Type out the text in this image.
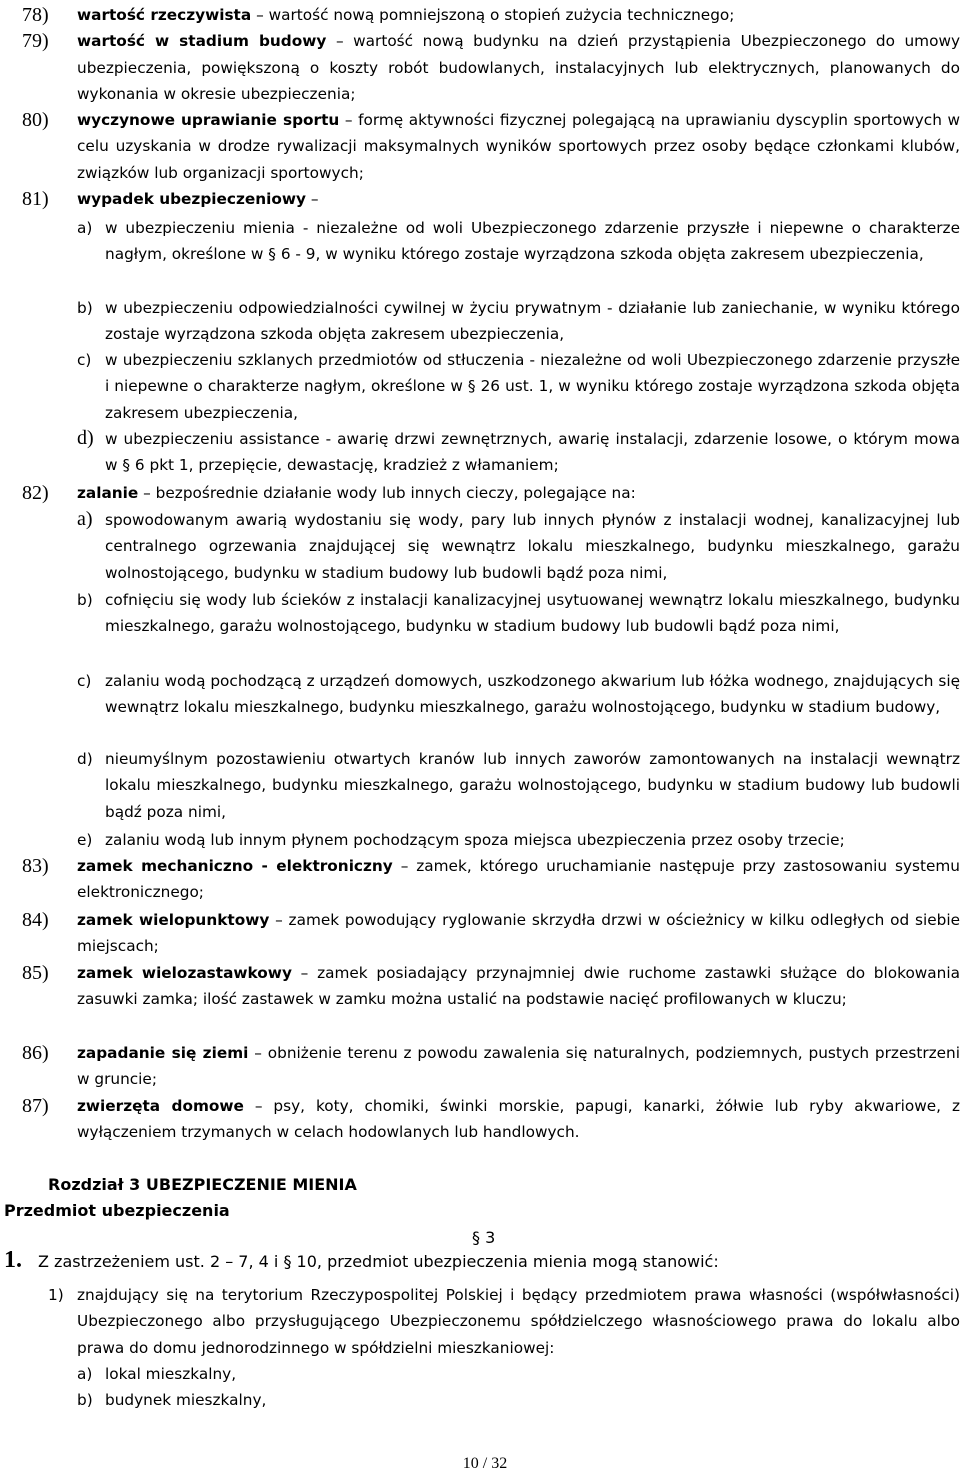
78) wartość rzeczywista – wartość nową pomniejszoną o stopień zużycia technicznego;
79) wartość w stadium budowy – wartość nową budynku na dzień przystąpienia Ubezpieczonego do umowy ubezpieczenia, powiększoną o koszty robót budowlanych, instalacyjnych lub elektrycznych, planowanych do wykonania w okresie ubezpieczenia;
80) wyczynowe uprawianie sportu – formę aktywności fizycznej polegającą na uprawianiu dyscyplin sportowych w celu uzyskania w drodze rywalizacji maksymalnych wyników sportowych przez osoby będące członkami klubów, związków lub organizacji sportowych;
81) wypadek ubezpieczeniowy –
a) w ubezpieczeniu mienia - niezależne od woli Ubezpieczonego zdarzenie przyszłe i niepewne o charakterze nagłym, określone w § 6 - 9, w wyniku którego zostaje wyrządzona szkoda objęta zakresem ubezpieczenia,
b) w ubezpieczeniu odpowiedzialności cywilnej w życiu prywatnym - działanie lub zaniechanie, w wyniku którego zostaje wyrządzona szkoda objęta zakresem ubezpieczenia,
c) w ubezpieczeniu szklanych przedmiotów od stłuczenia - niezależne od woli Ubezpieczonego zdarzenie przyszłe i niepewne o charakterze nagłym, określone w § 26 ust. 1, w wyniku którego zostaje wyrządzona szkoda objęta zakresem ubezpieczenia,
d) w ubezpieczeniu assistance - awarię drzwi zewnętrznych, awarię instalacji, zdarzenie losowe, o którym mowa w § 6 pkt 1, przepięcie, dewastację, kradzież z włamaniem;
82) zalanie – bezpośrednie działanie wody lub innych cieczy, polegające na:
a) spowodowanym awarią wydostaniu się wody, pary lub innych płynów z instalacji wodnej, kanalizacyjnej lub centralnego ogrzewania znajdującej się wewnątrz lokalu mieszkalnego, budynku mieszkalnego, garażu wolnostojącego, budynku w stadium budowy lub budowli bądź poza nimi,
b) cofnięciu się wody lub ścieków z instalacji kanalizacyjnej usytuowanej wewnątrz lokalu mieszkalnego, budynku mieszkalnego, garażu wolnostojącego, budynku w stadium budowy lub budowli bądź poza nimi,
c) zalaniu wodą pochodzącą z urządzeń domowych, uszkodzonego akwarium lub łóżka wodnego, znajdujących się wewnątrz lokalu mieszkalnego, budynku mieszkalnego, garażu wolnostojącego, budynku w stadium budowy,
d) nieumyślnym pozostawieniu otwartych kranów lub innych zaworów zamontowanych na instalacji wewnątrz lokalu mieszkalnego, budynku mieszkalnego, garażu wolnostojącego, budynku w stadium budowy lub budowli bądź poza nimi,
e) zalaniu wodą lub innym płynem pochodzącym spoza miejsca ubezpieczenia przez osoby trzecie;
83) zamek mechaniczno - elektroniczny – zamek, którego uruchamianie następuje przy zastosowaniu systemu elektronicznego;
84) zamek wielopunktowy – zamek powodujący ryglowanie skrzydła drzwi w ościeżnicy w kilku odległych od siebie miejscach;
85) zamek wielozastawkowy – zamek posiadający przynajmniej dwie ruchome zastawki służące do blokowania zasuwki zamka; ilość zastawek w zamku można ustalić na podstawie nacięć profilowanych w kluczu;
86) zapadanie się ziemi – obniżenie terenu z powodu zawalenia się naturalnych, podziemnych, pustych przestrzeni w gruncie;
87) zwierzęta domowe – psy, koty, chomiki, świnki morskie, papugi, kanarki, żółwie lub ryby akwariowe, z wyłączeniem trzymanych w celach hodowlanych lub handlowych.
Rozdział 3 UBEZPIECZENIE MIENIA
Przedmiot ubezpieczenia
§ 3
1. Z zastrzeżeniem ust. 2 – 7, 4 i § 10, przedmiot ubezpieczenia mienia mogą stanowić:
1) znajdujący się na terytorium Rzeczypospolitej Polskiej i będący przedmiotem prawa własności (współwłasności) Ubezpieczonego albo przysługującego Ubezpieczonemu spółdzielczego własnościowego prawa do lokalu albo prawa do domu jednorodzinnego w spółdzielni mieszkaniowej:
a) lokal mieszkalny,
b) budynek mieszkalny,
10 / 32
